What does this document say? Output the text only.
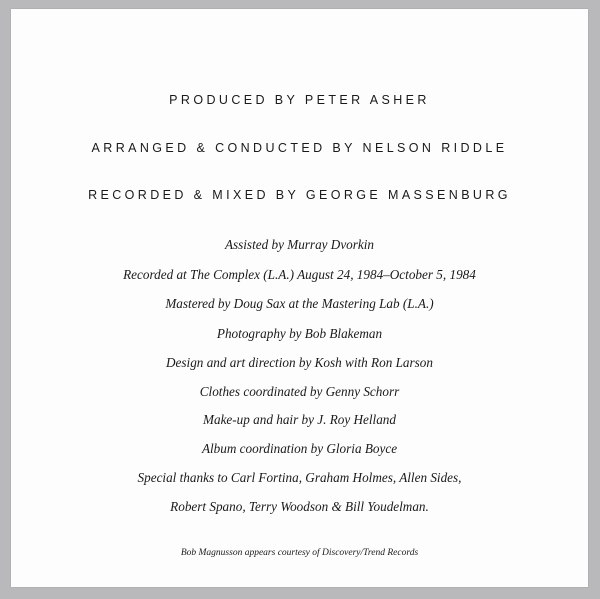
PRODUCED BY PETER ASHER
ARRANGED & CONDUCTED BY NELSON RIDDLE
RECORDED & MIXED BY GEORGE MASSENBURG
Assisted by Murray Dvorkin
Recorded at The Complex (L.A.) August 24, 1984–October 5, 1984
Mastered by Doug Sax at the Mastering Lab (L.A.)
Photography by Bob Blakeman
Design and art direction by Kosh with Ron Larson
Clothes coordinated by Genny Schorr
Make-up and hair by J. Roy Helland
Album coordination by Gloria Boyce
Special thanks to Carl Fortina, Graham Holmes, Allen Sides,
Robert Spano, Terry Woodson & Bill Youdelman.
Bob Magnusson appears courtesy of Discovery/Trend Records
